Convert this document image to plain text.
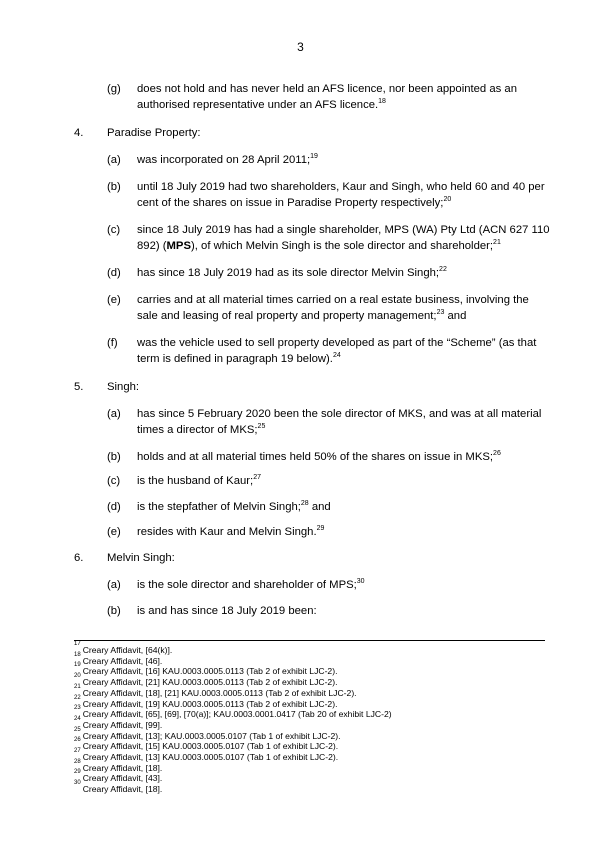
3
(g) does not hold and has never held an AFS licence, nor been appointed as an
authorised representative under an AFS licence.$^{18}$
4. Paradise Property:
(a) was incorporated on 28 April 2011;$^{19}$
(b) until 18 July 2019 had two shareholders, Kaur and Singh, who held 60 and 40 per
cent of the shares on issue in Paradise Property respectively;$^{20}$
(c) since 18 July 2019 has had a single shareholder, MPS (WA) Pty Ltd (ACN 627 110
892) (MPS), of which Melvin Singh is the sole director and shareholder;$^{21}$
(d) has since 18 July 2019 had as its sole director Melvin Singh;$^{22}$
(e) carries and at all material times carried on a real estate business, involving the
sale and leasing of real property and property management;$^{23}$ and
(f) was the vehicle used to sell property developed as part of the “Scheme” (as that
term is defined in paragraph 19 below).$^{24}$
5. Singh:
(a) has since 5 February 2020 been the sole director of MKS, and was at all material
times a director of MKS;$^{25}$
(b) holds and at all material times held 50% of the shares on issue in MKS;$^{26}$
(c) is the husband of Kaur;$^{27}$
(d) is the stepfather of Melvin Singh;$^{28}$ and
(e) resides with Kaur and Melvin Singh.$^{29}$
6. Melvin Singh:
(a) is the sole director and shareholder of MPS;$^{30}$
(b) is and has since 18 July 2019 been:
$^{17}$Creary Affidavit, [64(k)].
$^{18}$Creary Affidavit, [46].
$^{19}$Creary Affidavit, [16] KAU.0003.0005.0113 (Tab 2 of exhibit LJC-2).
$^{20}$Creary Affidavit, [21] KAU.0003.0005.0113 (Tab 2 of exhibit LJC-2).
$^{21}$Creary Affidavit, [18], [21] KAU.0003.0005.0113 (Tab 2 of exhibit LJC-2).
$^{22}$Creary Affidavit, [19] KAU.0003.0005.0113 (Tab 2 of exhibit LJC-2).
$^{23}$Creary Affidavit, [65], [69], [70(a)]; KAU.0003.0001.0417 (Tab 20 of exhibit LJC-2)
$^{24}$Creary Affidavit, [99].
$^{25}$Creary Affidavit, [13]; KAU.0003.0005.0107 (Tab 1 of exhibit LJC-2).
$^{26}$Creary Affidavit, [15] KAU.0003.0005.0107 (Tab 1 of exhibit LJC-2).
$^{27}$Creary Affidavit, [13] KAU.0003.0005.0107 (Tab 1 of exhibit LJC-2).
$^{28}$Creary Affidavit, [18].
$^{29}$Creary Affidavit, [43].
$^{30}$Creary Affidavit, [18].
